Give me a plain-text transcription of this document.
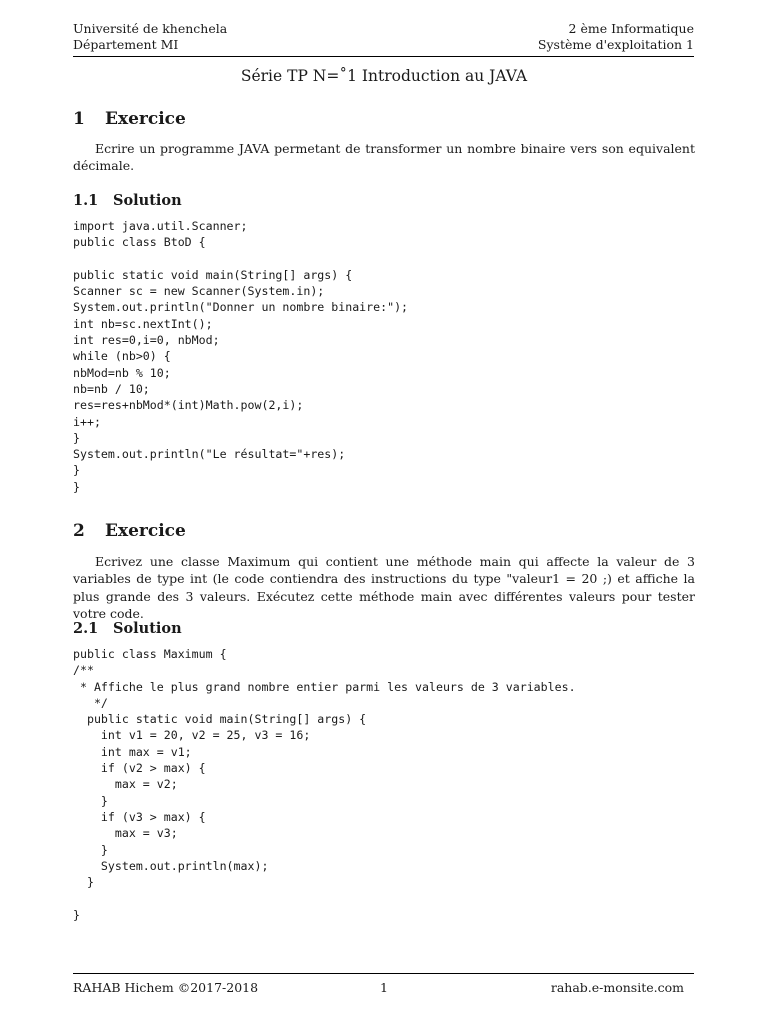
Université de khenchela
Département MI
2 ème Informatique
Système d'exploitation 1
Série TP N=˚1 Introduction au JAVA
1 Exercice

Ecrire un programme JAVA permetant de transformer un nombre binaire vers son equivalent décimale.

1.1 Solution
import java.util.Scanner;
public class BtoD {

public static void main(String[] args) {
Scanner sc = new Scanner(System.in);
System.out.println("Donner un nombre binaire:");
int nb=sc.nextInt();
int res=0,i=0, nbMod;
while (nb>0) {
nbMod=nb % 10;
nb=nb / 10;
res=res+nbMod*(int)Math.pow(2,i);
i++;
}
System.out.println("Le résultat="+res);
}
}
2 Exercice

Ecrivez une classe Maximum qui contient une méthode main qui affecte la valeur de 3 variables de type int (le code contiendra des instructions du type "valeur1 = 20 ;) et affiche la plus grande des 3 valeurs. Exécutez cette méthode main avec différentes valeurs pour tester votre code.

2.1 Solution
public class Maximum {
/**
* Affiche le plus grand nombre entier parmi les valeurs de 3 variables.
*/
public static void main(String[] args) {
int v1 = 20, v2 = 25, v3 = 16;
int max = v1;
if (v2 > max) {
max = v2;
}
if (v3 > max) {
max = v3;
}
System.out.println(max);
}

}
RAHAB Hichem ©2017-2018	1	rahab.e-monsite.com
